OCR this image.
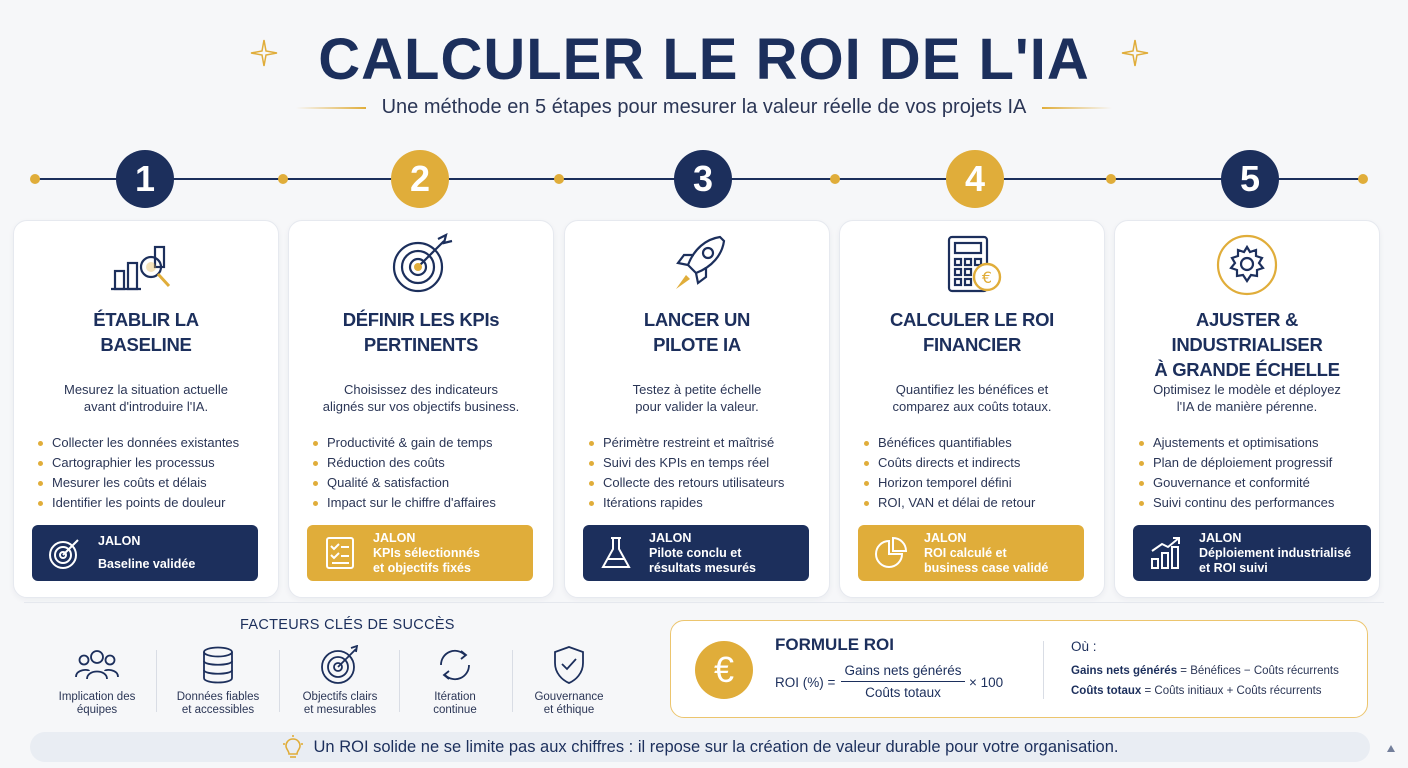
CALCULER LE ROI DE L'IA
Une méthode en 5 étapes pour mesurer la valeur réelle de vos projets IA
1	2	3	4	5
ÉTABLIR LA
BASELINE
Mesurez la situation actuelle
avant d'introduire l'IA.
Collecter les données existantes
Cartographier les processus
Mesurer les coûts et délais
Identifier les points de douleur
JALON
Baseline validée
DÉFINIR LES KPIs
PERTINENTS
Choisissez des indicateurs
alignés sur vos objectifs business.
Productivité & gain de temps
Réduction des coûts
Qualité & satisfaction
Impact sur le chiffre d'affaires
JALON
KPIs sélectionnés
et objectifs fixés
LANCER UN
PILOTE IA
Testez à petite échelle
pour valider la valeur.
Périmètre restreint et maîtrisé
Suivi des KPIs en temps réel
Collecte des retours utilisateurs
Itérations rapides
JALON
Pilote conclu et
résultats mesurés
€
CALCULER LE ROI
FINANCIER
Quantifiez les bénéfices et
comparez aux coûts totaux.
Bénéfices quantifiables
Coûts directs et indirects
Horizon temporel défini
ROI, VAN et délai de retour
JALON
ROI calculé et
business case validé
AJUSTER & INDUSTRIALISER
À GRANDE ÉCHELLE
Optimisez le modèle et déployez
l'IA de manière pérenne.
Ajustements et optimisations
Plan de déploiement progressif
Gouvernance et conformité
Suivi continu des performances
JALON
Déploiement industrialisé
et ROI suivi
FACTEURS CLÉS DE SUCCÈS
Implication des
équipes
Données fiables
et accessibles
Objectifs clairs
et mesurables
Itération
continue
Gouvernance
et éthique
€
FORMULE ROI
ROI (%) =
Gains nets générés
Coûts totaux
× 100
Où :
Gains nets générés = Bénéfices − Coûts récurrents
Coûts totaux = Coûts initiaux + Coûts récurrents
Un ROI solide ne se limite pas aux chiffres : il repose sur la création de valeur durable pour votre organisation.
